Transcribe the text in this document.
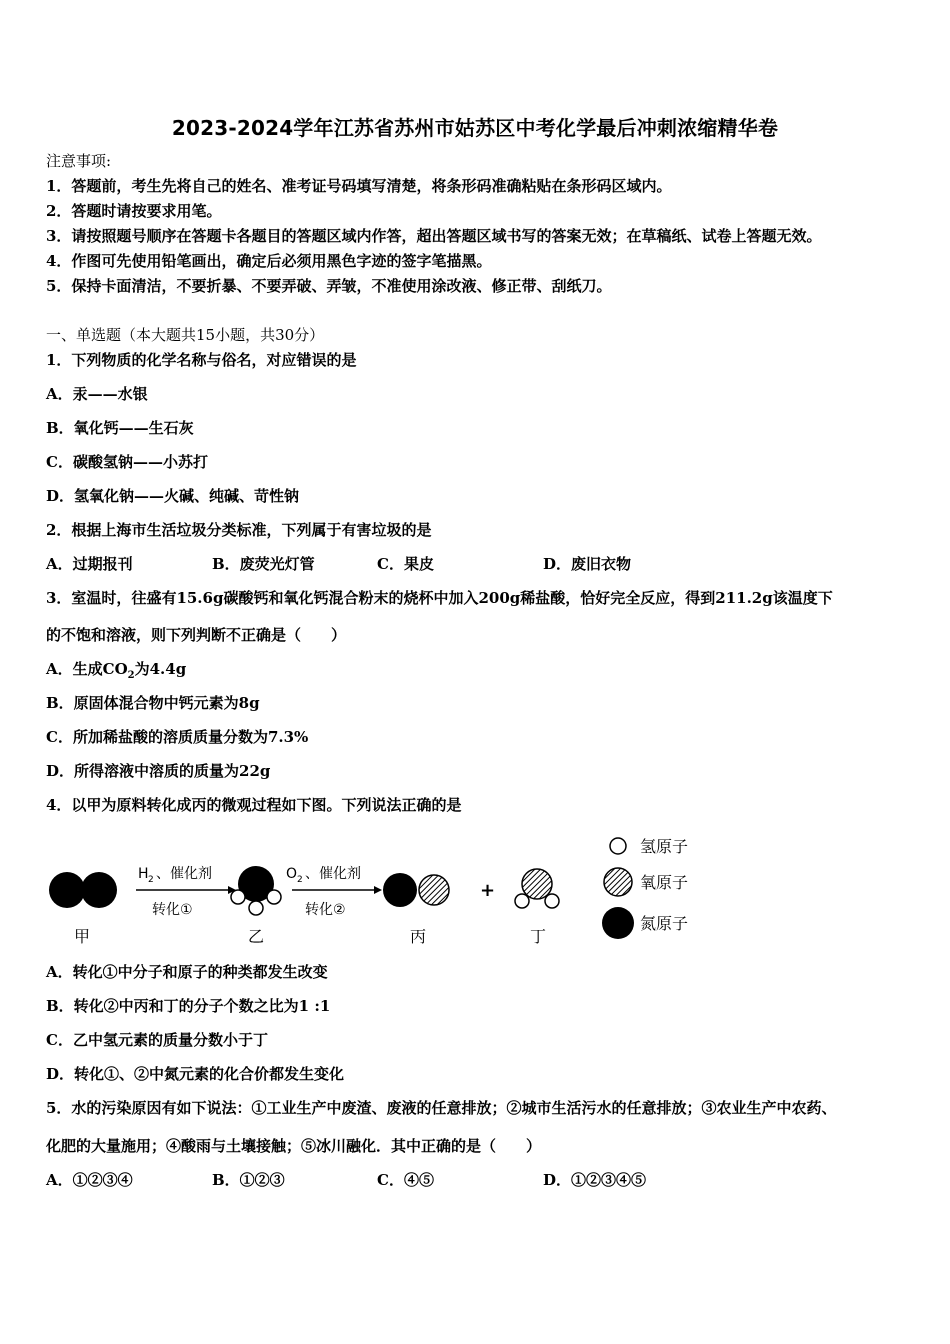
2023-2024学年江苏省苏州市姑苏区中考化学最后冲刺浓缩精华卷
注意事项:
1．答题前，考生先将自己的姓名、准考证号码填写清楚，将条形码准确粘贴在条形码区域内。
2．答题时请按要求用笔。
3．请按照题号顺序在答题卡各题目的答题区域内作答，超出答题区域书写的答案无效；在草稿纸、试卷上答题无效。
4．作图可先使用铅笔画出，确定后必须用黑色字迹的签字笔描黑。
5．保持卡面清洁，不要折暴、不要弄破、弄皱，不准使用涂改液、修正带、刮纸刀。
一、单选题（本大题共15小题，共30分）
1．下列物质的化学名称与俗名，对应错误的是
A．汞——水银
B．氧化钙——生石灰
C．碳酸氢钠——小苏打
D．氢氧化钠——火碱、纯碱、苛性钠
2．根据上海市生活垃圾分类标准，下列属于有害垃圾的是
A．过期报刊	B．废荧光灯管	C．果皮	D．废旧衣物
3．室温时，往盛有15.6g碳酸钙和氧化钙混合粉末的烧杯中加入200g稀盐酸，恰好完全反应，得到211.2g该温度下
的不饱和溶液，则下列判断不正确是（　　）
A．生成$CO_2$为4.4g
B．原固体混合物中钙元素为8g
C．所加稀盐酸的溶质质量分数为7.3%
D．所得溶液中溶质的质量为22g
4．以甲为原料转化成丙的微观过程如下图。下列说法正确的是
H 2 、催化剂
转化①
O 2 、催化剂
转化②
+
甲	乙	丙	丁
氢原子
氧原子
氮原子
A．转化①中分子和原子的种类都发生改变
B．转化②中丙和丁的分子个数之比为1 :1
C．乙中氢元素的质量分数小于丁
D．转化①、②中氮元素的化合价都发生变化
5．水的污染原因有如下说法：①工业生产中废渣、废液的任意排放；②城市生活污水的任意排放；③农业生产中农药、
化肥的大量施用；④酸雨与土壤接触；⑤冰川融化．其中正确的是（　　）
A．①②③④	B．①②③	C．④⑤	D．①②③④⑤
